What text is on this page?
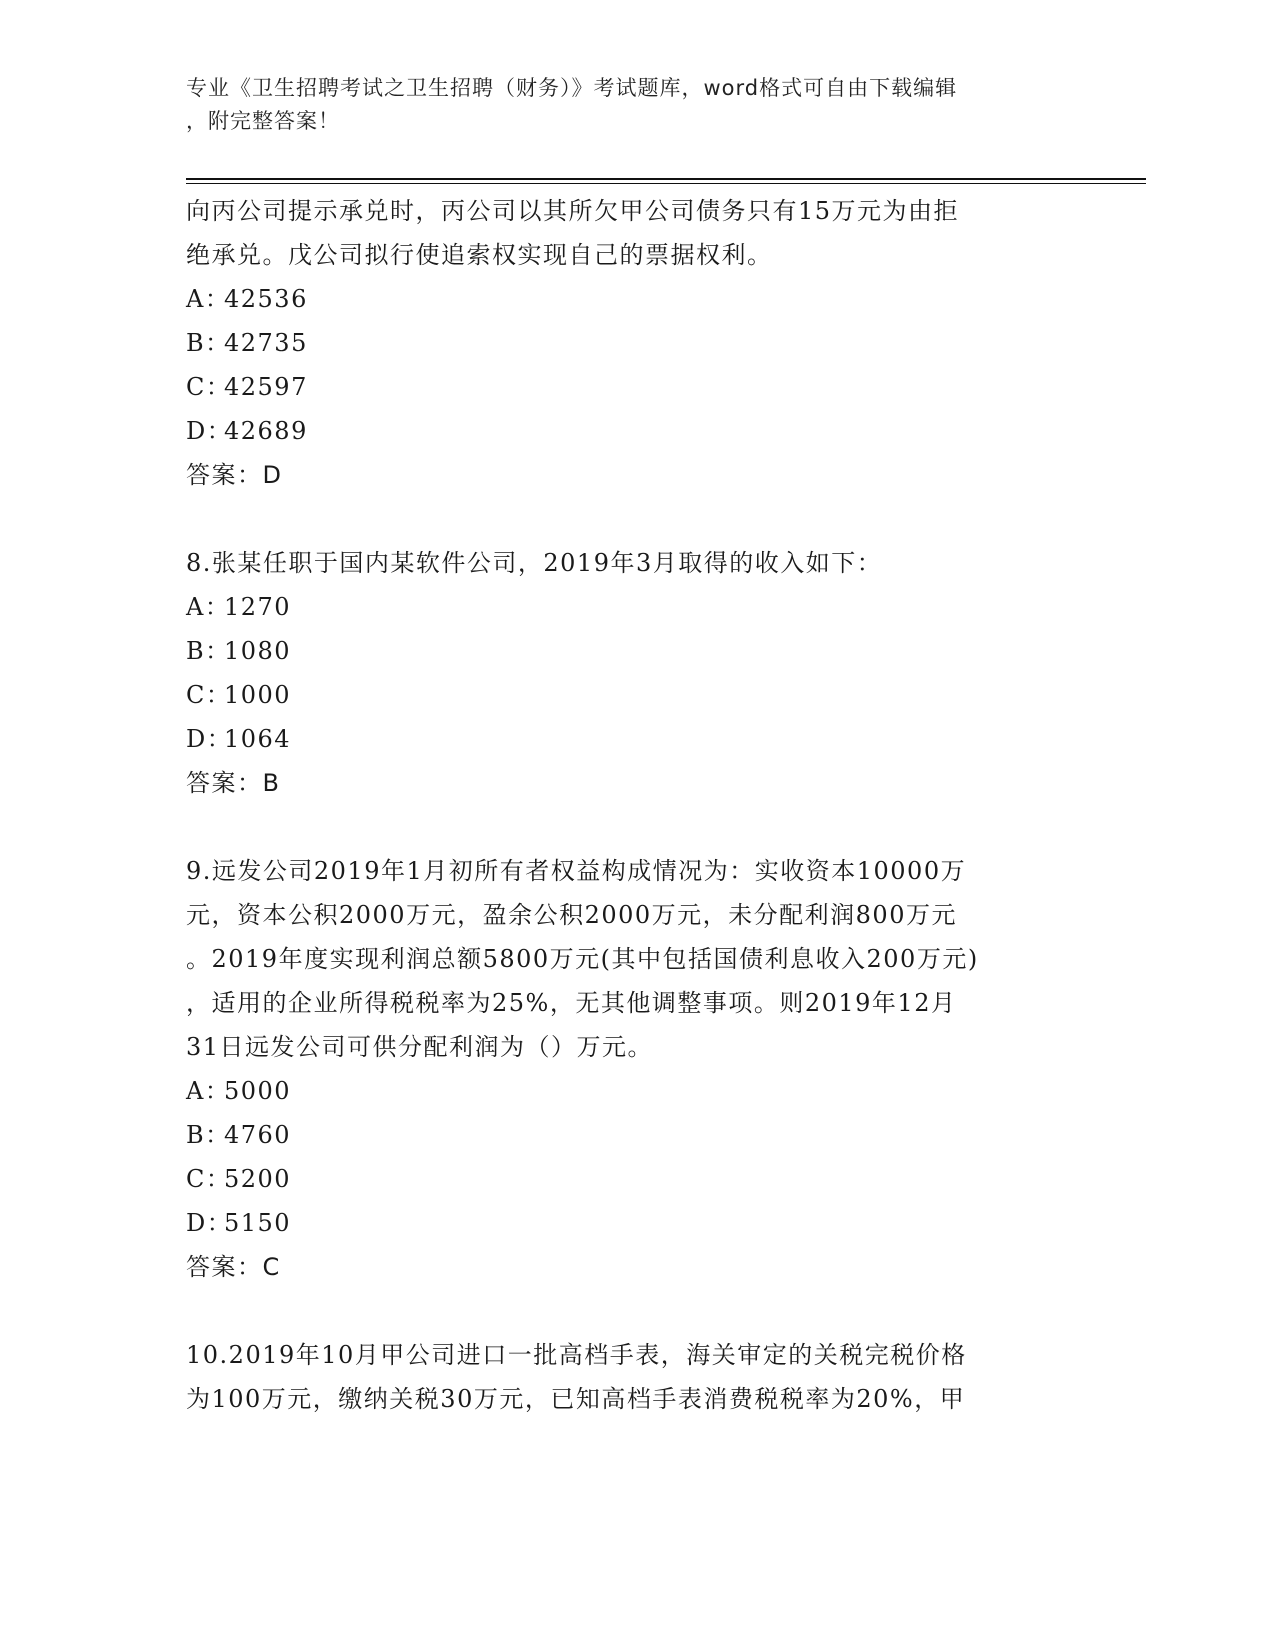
专业《卫生招聘考试之卫生招聘（财务）》考试题库，word格式可自由下载编辑
，附完整答案！
向丙公司提示承兑时，丙公司以其所欠甲公司债务只有15万元为由拒
绝承兑。戊公司拟行使追索权实现自己的票据权利。
A：42536
B：42735
C：42597
D：42689
答案：D
8.张某任职于国内某软件公司，2019年3月取得的收入如下：
A：1270
B：1080
C：1000
D：1064
答案：B
9.远发公司2019年1月初所有者权益构成情况为：实收资本10000万
元，资本公积2000万元，盈余公积2000万元，未分配利润800万元
。2019年度实现利润总额5800万元(其中包括国债利息收入200万元)
，适用的企业所得税税率为25%，无其他调整事项。则2019年12月
31日远发公司可供分配利润为（）万元。
A：5000
B：4760
C：5200
D：5150
答案：C
10.2019年10月甲公司进口一批高档手表，海关审定的关税完税价格
为100万元，缴纳关税30万元，已知高档手表消费税税率为20%，甲
